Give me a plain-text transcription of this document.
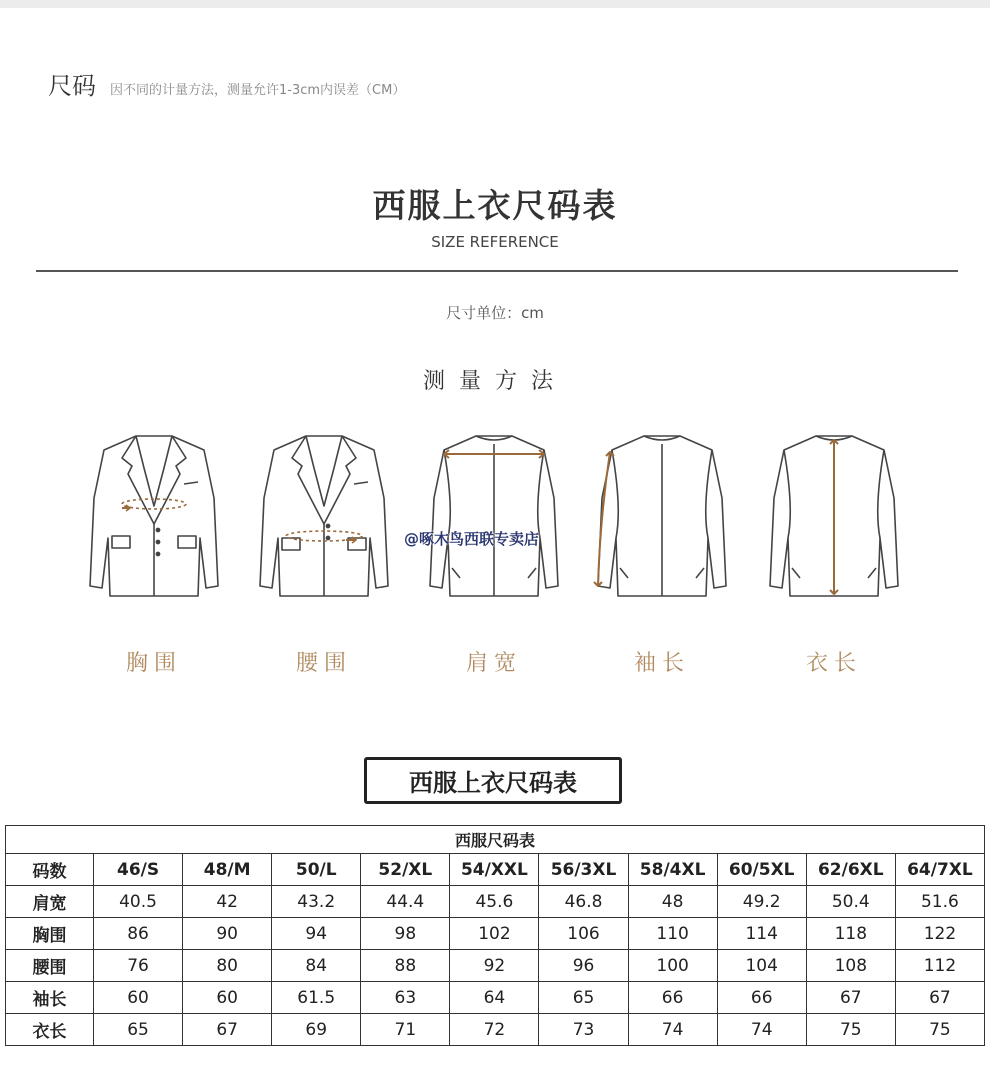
尺码 因不同的计量方法，测量允许1-3cm内误差（CM）
西服上衣尺码表
SIZE REFERENCE
尺寸单位：cm
测量方法
胸围	腰围	肩宽	袖长	衣长
@啄木鸟西联专卖店
西服上衣尺码表
西服尺码表										
码数	46/S	48/M	50/L	52/XL	54/XXL	56/3XL	58/4XL	60/5XL	62/6XL	64/7XL
肩宽	40.5	42	43.2	44.4	45.6	46.8	48	49.2	50.4	51.6
胸围	86	90	94	98	102	106	110	114	118	122
腰围	76	80	84	88	92	96	100	104	108	112
袖长	60	60	61.5	63	64	65	66	66	67	67
衣长	65	67	69	71	72	73	74	74	75	75
